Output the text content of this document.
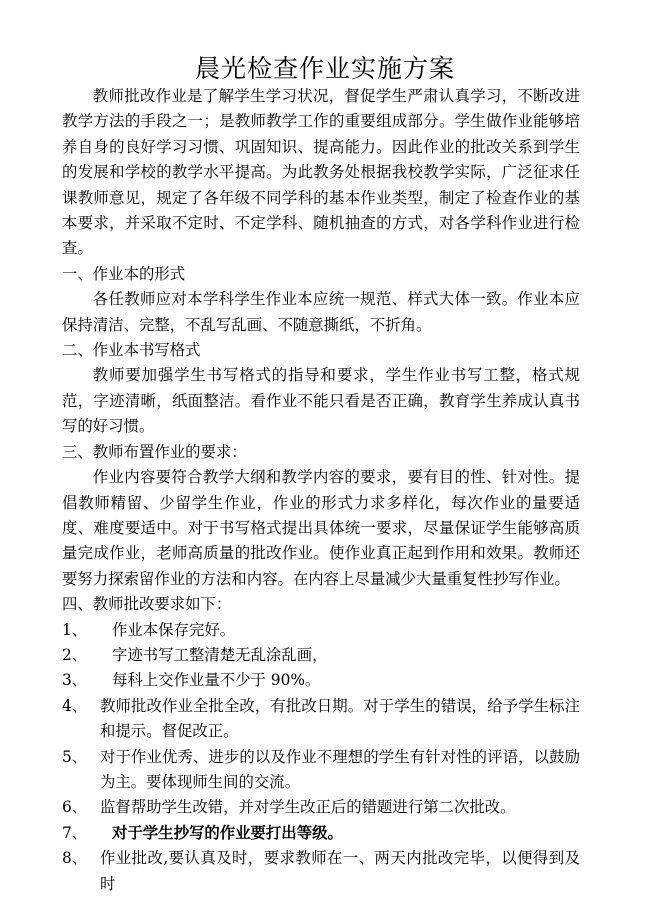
晨光检查作业实施方案

教师批改作业是了解学生学习状况，督促学生严肃认真学习，不断改进教学方法的手段之一；是教师教学工作的重要组成部分。学生做作业能够培养自身的良好学习习惯、巩固知识、提高能力。因此作业的批改关系到学生的发展和学校的教学水平提高。为此教务处根据我校教学实际，广泛征求任课教师意见，规定了各年级不同学科的基本作业类型，制定了检查作业的基本要求，并采取不定时、不定学科、随机抽查的方式，对各学科作业进行检查。

一、作业本的形式

各任教师应对本学科学生作业本应统一规范、样式大体一致。作业本应保持清洁、完整，不乱写乱画、不随意撕纸，不折角。

二、作业本书写格式

教师要加强学生书写格式的指导和要求，学生作业书写工整，格式规范，字迹清晰，纸面整洁。看作业不能只看是否正确，教育学生养成认真书写的好习惯。

三、教师布置作业的要求：

作业内容要符合教学大纲和教学内容的要求，要有目的性、针对性。提倡教师精留、少留学生作业，作业的形式力求多样化，每次作业的量要适度、难度要适中。对于书写格式提出具体统一要求，尽量保证学生能够高质量完成作业，老师高质量的批改作业。使作业真正起到作用和效果。教师还要努力探索留作业的方法和内容。在内容上尽量减少大量重复性抄写作业。

四、教师批改要求如下：

1、	作业本保存完好。
2、	字迹书写工整清楚无乱涂乱画，
3、	每科上交作业量不少于 90%。
4、 教师批改作业全批全改，有批改日期。对于学生的错误，给予学生标注和提示。督促改正。
5、 对于作业优秀、进步的以及作业不理想的学生有针对性的评语，以鼓励为主。要体现师生间的交流。
6、 监督帮助学生改错，并对学生改正后的错题进行第二次批改。
7、	对于学生抄写的作业要打出等级。
8、 作业批改,要认真及时，要求教师在一、两天内批改完毕，以便得到及时
